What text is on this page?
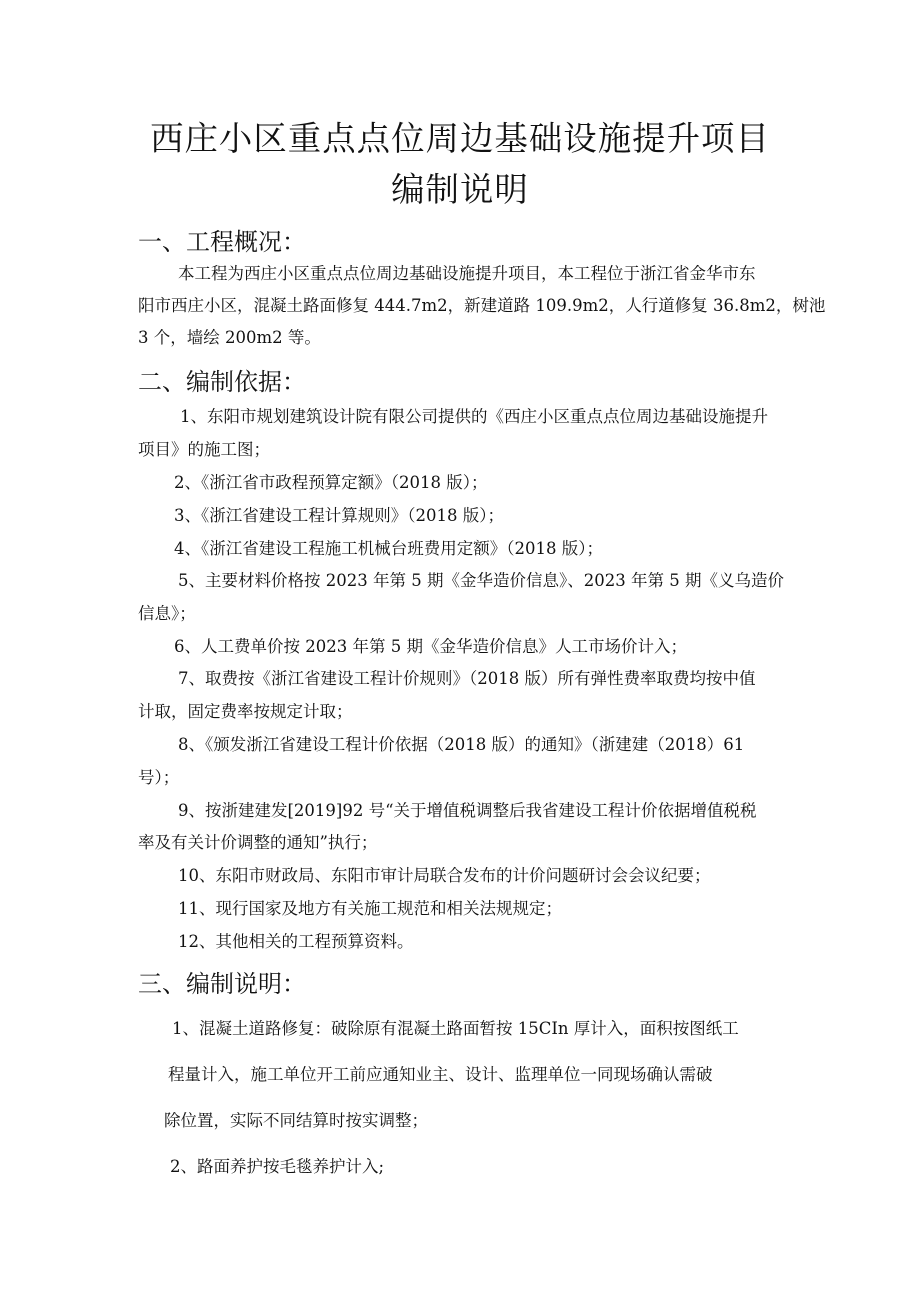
西庄小区重点点位周边基础设施提升项目
编制说明
一、工程概况：
本工程为西庄小区重点点位周边基础设施提升项目，本工程位于浙江省金华市东
阳市西庄小区，混凝土路面修复 444.7m2，新建道路 109.9m2，人行道修复 36.8m2，树池
3 个，墙绘 200m2 等。
二、编制依据：
1、东阳市规划建筑设计院有限公司提供的《西庄小区重点点位周边基础设施提升
项目》的施工图；
2、《浙江省市政程预算定额》（2018 版）；
3、《浙江省建设工程计算规则》（2018 版）；
4、《浙江省建设工程施工机械台班费用定额》（2018 版）；
5、主要材料价格按 2023 年第 5 期《金华造价信息》、2023 年第 5 期《义乌造价
信息》；
6、人工费单价按 2023 年第 5 期《金华造价信息》人工市场价计入；
7、取费按《浙江省建设工程计价规则》（2018 版）所有弹性费率取费均按中值
计取，固定费率按规定计取；
8、《颁发浙江省建设工程计价依据（2018 版）的通知》（浙建建（2018）61
号）；
9、按浙建建发[2019]92 号“关于增值税调整后我省建设工程计价依据增值税税
率及有关计价调整的通知”执行；
10、东阳市财政局、东阳市审计局联合发布的计价问题研讨会会议纪要；
11、现行国家及地方有关施工规范和相关法规规定；
12、其他相关的工程预算资料。
三、编制说明：
1、混凝土道路修复：破除原有混凝土路面暂按 15CIn 厚计入，面积按图纸工
程量计入，施工单位开工前应通知业主、设计、监理单位一同现场确认需破
除位置，实际不同结算时按实调整；
2、路面养护按毛毯养护计入;
